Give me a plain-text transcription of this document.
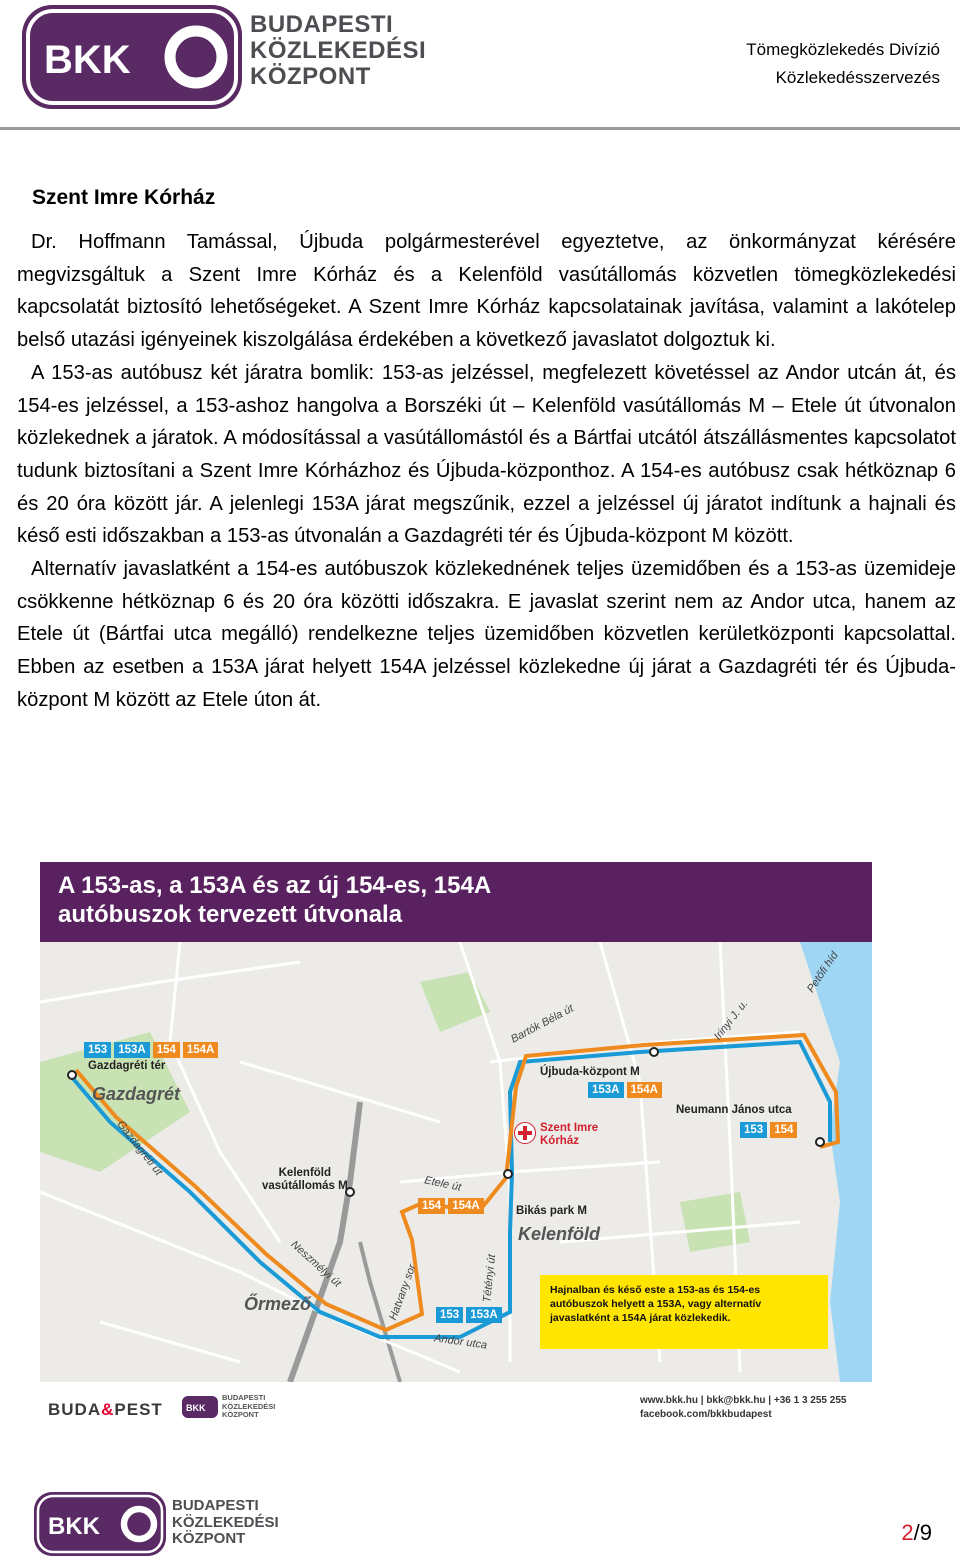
BKK
BUDAPESTI
KÖZLEKEDÉSI
KÖZPONT
Tömegközlekedés Divízió
Közlekedésszervezés
Szent Imre Kórház

Dr. Hoffmann Tamással, Újbuda polgármesterével egyeztetve, az önkormányzat kérésére megvizsgáltuk a Szent Imre Kórház és a Kelenföld vasútállomás közvetlen tömegközlekedési kapcsolatát biztosító lehetőségeket. A Szent Imre Kórház kapcsolatainak javítása, valamint a lakótelep belső utazási igényeinek kiszolgálása érdekében a következő javaslatot dolgoztuk ki.

A 153-as autóbusz két járatra bomlik: 153-as jelzéssel, megfelezett követéssel az Andor utcán át, és 154-es jelzéssel, a 153-ashoz hangolva a Borszéki út – Kelenföld vasútállomás M – Etele út útvonalon közlekednek a járatok. A módosítással a vasútállomástól és a Bártfai utcától átszállásmentes kapcsolatot tudunk biztosítani a Szent Imre Kórházhoz és Újbuda-központhoz. A 154-es autóbusz csak hétköznap 6 és 20 óra között jár. A jelenlegi 153A járat megszűnik, ezzel a jelzéssel új járatot indítunk a hajnali és késő esti időszakban a 153-as útvonalán a Gazdagréti tér és Újbuda-központ M között.

Alternatív javaslatként a 154-es autóbuszok közlekednének teljes üzemidőben és a 153-as üzemideje csökkenne hétköznap 6 és 20 óra közötti időszakra. E javaslat szerint nem az Andor utca, hanem az Etele út (Bártfai utca megálló) rendelkezne teljes üzemidőben közvetlen kerületközponti kapcsolattal. Ebben az esetben a 153A járat helyett 154A jelzéssel közlekedne új járat a Gazdagréti tér és Újbuda-központ M között az Etele úton át.

A 153-as, a 153A és az új 154-es, 154A
autóbuszok tervezett útvonala
153 153A 154 154A
153A 154A
153 154
154 154A
153 153A
Gazdagréti tér
Kelenföld
vasútállomás M
Újbuda-központ M
Neumann János utca
Bikás park M
Szent Imre
Kórház
Gazdagrét
Kelenföld
Őrmező
Gazdagréti út
Neszmélyi út	Hatvany sor	Tétényi út
Andor utca
Etele út
Bartók Béla út	Irinyi J. u.
Petőfi híd
Hajnalban és késő este a 153-as és 154-es autóbuszok helyett a 153A, vagy alternatív javaslatként a 154A járat közlekedik.
BUDA&PEST	BKK
BUDAPESTI
KÖZLEKEDÉSI
KÖZPONT
www.bkk.hu | bkk@bkk.hu | +36 1 3 255 255
facebook.com/bkkbudapest
BKK
BUDAPESTI
KÖZLEKEDÉSI
KÖZPONT	2/9
